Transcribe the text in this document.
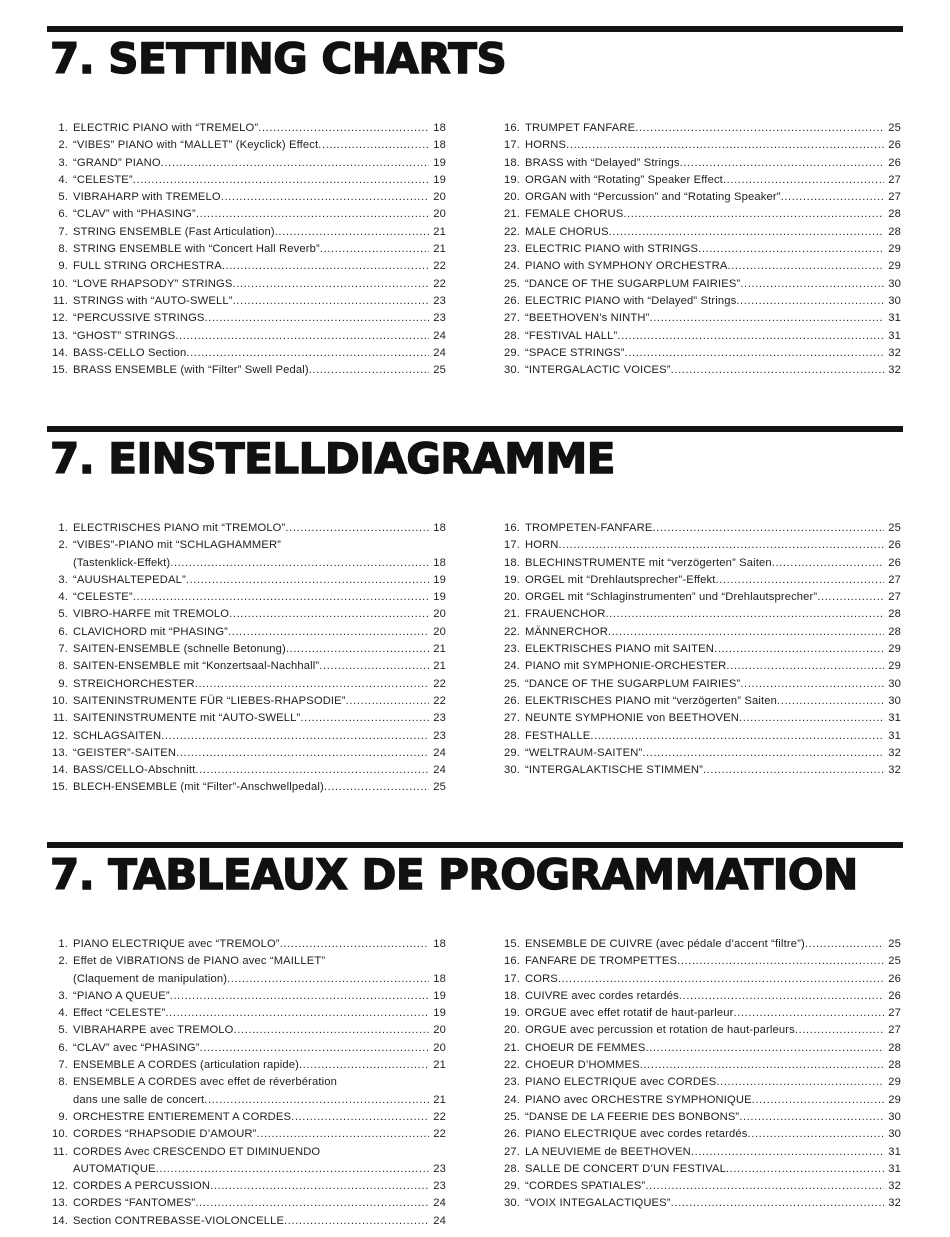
7. SETTING CHARTS
1. ELECTRIC PIANO with “TREMELO” .....	18
2. “VIBES” PIANO with “MALLET” (Keyclick) Effect .....	18
3. “GRAND” PIANO .....	19
4. “CELESTE” .....	19
5. VIBRAHARP with TREMELO .....	20
6. “CLAV” with “PHASING” .....	20
7. STRING ENSEMBLE (Fast Articulation) .....	21
8. STRING ENSEMBLE with “Concert Hall Reverb” .....	21
9. FULL STRING ORCHESTRA .....	22
10. “LOVE RHAPSODY” STRINGS .....	22
11. STRINGS with “AUTO-SWELL” .....	23
12. “PERCUSSIVE STRINGS .....	23
13. “GHOST” STRINGS .....	24
14. BASS-CELLO Section .....	24
15. BRASS ENSEMBLE (with “Filter” Swell Pedal) .....	25
16. TRUMPET FANFARE .....	25
17. HORNS .....	26
18. BRASS with “Delayed” Strings .....	26
19. ORGAN with “Rotating” Speaker Effect .....	27
20. ORGAN with “Percussion” and “Rotating Speaker” .....	27
21. FEMALE CHORUS .....	28
22. MALE CHORUS .....	28
23. ELECTRIC PIANO with STRINGS .....	29
24. PIANO with SYMPHONY ORCHESTRA .....	29
25. “DANCE OF THE SUGARPLUM FAIRIES” .....	30
26. ELECTRIC PIANO with “Delayed” Strings .....	30
27. “BEETHOVEN’s NINTH” .....	31
28. “FESTIVAL HALL” .....	31
29. “SPACE STRINGS” .....	32
30. “INTERGALACTIC VOICES” .....	32
7. EINSTELLDIAGRAMME
1. ELECTRISCHES PIANO mit “TREMOLO” .....	18
2. “VIBES”-PIANO mit “SCHLAGHAMMER”
(Tastenklick-Effekt) .....	18
3. “AUUSHALTEPEDAL” .....	19
4. “CELESTE” .....	19
5. VIBRO-HARFE mit TREMOLO .....	20
6. CLAVICHORD mit “PHASING” .....	20
7. SAITEN-ENSEMBLE (schnelle Betonung) .....	21
8. SAITEN-ENSEMBLE mit “Konzertsaal-Nachhall” .....	21
9. STREICHORCHESTER .....	22
10. SAITENINSTRUMENTE FÜR “LIEBES-RHAPSODIE” .....	22
11. SAITENINSTRUMENTE mit “AUTO-SWELL” .....	23
12. SCHLAGSAITEN .....	23
13. “GEISTER”-SAITEN .....	24
14. BASS/CELLO-Abschnitt .....	24
15. BLECH-ENSEMBLE (mit “Filter”-Anschwellpedal) .....	25
16. TROMPETEN-FANFARE .....	25
17. HORN .....	26
18. BLECHINSTRUMENTE mit “verzögerten” Saiten .....	26
19. ORGEL mit “Drehlautsprecher”-Effekt .....	27
20. ORGEL mit “Schlaginstrumenten” und “Drehlautsprecher” .....	27
21. FRAUENCHOR .....	28
22. MÄNNERCHOR .....	28
23. ELEKTRISCHES PIANO mit SAITEN .....	29
24. PIANO mit SYMPHONIE-ORCHESTER .....	29
25. “DANCE OF THE SUGARPLUM FAIRIES” .....	30
26. ELEKTRISCHES PIANO mit “verzögerten” Saiten .....	30
27. NEUNTE SYMPHONIE von BEETHOVEN .....	31
28. FESTHALLE .....	31
29. “WELTRAUM-SAITEN” .....	32
30. “INTERGALAKTISCHE STIMMEN” .....	32
7. TABLEAUX DE PROGRAMMATION
1. PIANO ELECTRIQUE avec “TREMOLO” .....	18
2. Effet de VIBRATIONS de PIANO avec “MAILLET”
(Claquement de manipulation) .....	18
3. “PIANO A QUEUE” .....	19
4. Effect “CELESTE” .....	19
5. VIBRAHARPE avec TREMOLO .....	20
6. “CLAV” avec “PHASING” .....	20
7. ENSEMBLE A CORDES (articulation rapide) .....	21
8. ENSEMBLE A CORDES avec effet de réverbération
dans une salle de concert .....	21
9. ORCHESTRE ENTIEREMENT A CORDES .....	22
10. CORDES “RHAPSODIE D’AMOUR” .....	22
11. CORDES Avec CRESCENDO ET DIMINUENDO
AUTOMATIQUE .....	23
12. CORDES A PERCUSSION .....	23
13. CORDES “FANTOMES” .....	24
14. Section CONTREBASSE-VIOLONCELLE .....	24
15. ENSEMBLE DE CUIVRE (avec pédale d’accent “filtre”) .....	25
16. FANFARE DE TROMPETTES .....	25
17. CORS .....	26
18. CUIVRE avec cordes retardés .....	26
19. ORGUE avec effet rotatif de haut-parleur .....	27
20. ORGUE avec percussion et rotation de haut-parleurs .....	27
21. CHOEUR DE FEMMES .....	28
22. CHOEUR D’HOMMES .....	28
23. PIANO ELECTRIQUE avec CORDES .....	29
24. PIANO avec ORCHESTRE SYMPHONIQUE .....	29
25. “DANSE DE LA FEERIE DES BONBONS” .....	30
26. PIANO ELECTRIQUE avec cordes retardés .....	30
27. LA NEUVIEME de BEETHOVEN .....	31
28. SALLE DE CONCERT D’UN FESTIVAL .....	31
29. “CORDES SPATIALES” .....	32
30. “VOIX INTEGALACTIQUES” .....	32
